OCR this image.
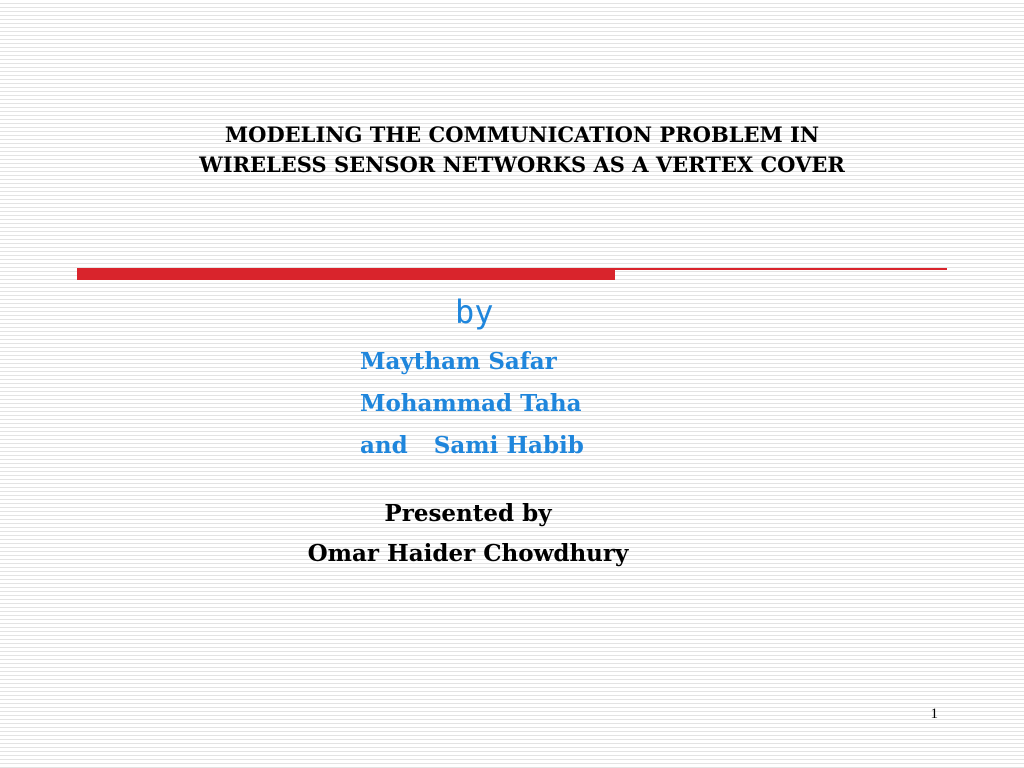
MODELING THE COMMUNICATION PROBLEM IN
WIRELESS SENSOR NETWORKS AS A VERTEX COVER
by
Maytham Safar
Mohammad Taha
and Sami Habib
Presented by
Omar Haider Chowdhury
1
